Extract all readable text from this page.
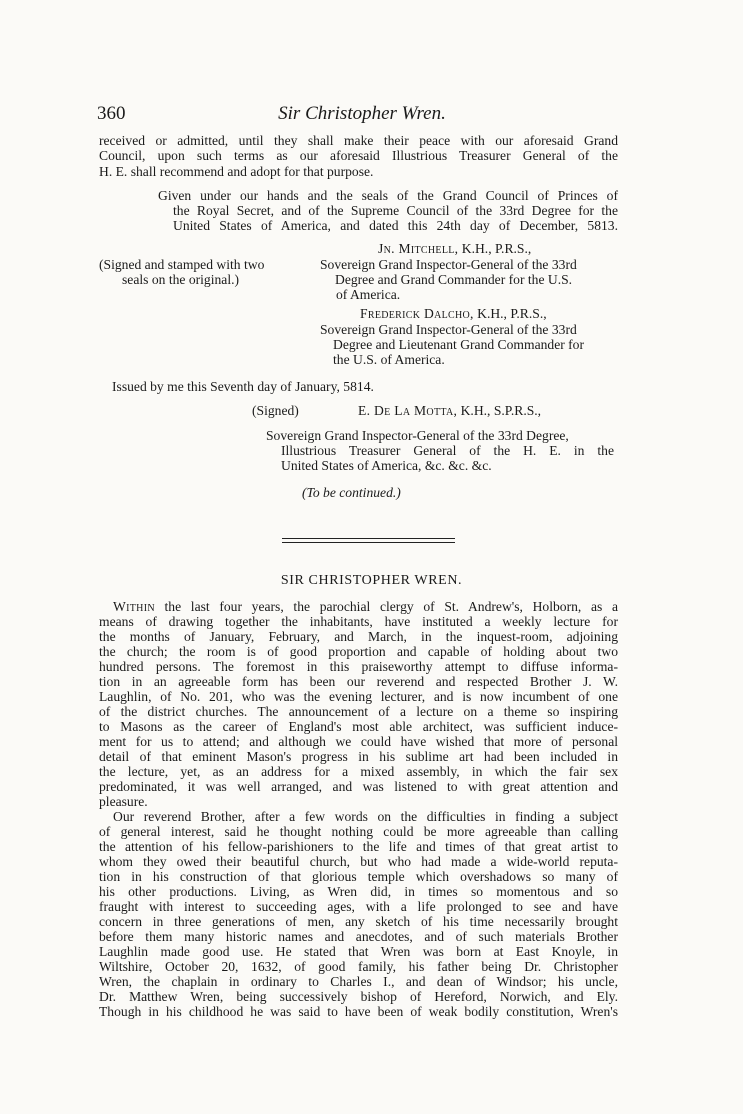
360	Sir Christopher Wren.
received or admitted, until they shall make their peace with our aforesaid Grand
Council, upon such terms as our aforesaid Illustrious Treasurer General of the
H. E. shall recommend and adopt for that purpose.
Given under our hands and the seals of the Grand Council of Princes of
the Royal Secret, and of the Supreme Council of the 33rd Degree for the
United States of America, and dated this 24th day of December, 5813.
Jn. Mitchell, K.H., P.R.S.,
(Signed and stamped with two
seals on the original.)
Sovereign Grand Inspector-General of the 33rd
Degree and Grand Commander for the U.S.
of America.
Frederick Dalcho, K.H., P.R.S.,
Sovereign Grand Inspector-General of the 33rd
Degree and Lieutenant Grand Commander for
the U.S. of America.
Issued by me this Seventh day of January, 5814.
(Signed)	E. De La Motta, K.H., S.P.R.S.,
Sovereign Grand Inspector-General of the 33rd Degree,
Illustrious Treasurer General of the H. E. in the
United States of America, &c. &c. &c.
(To be continued.)
SIR CHRISTOPHER WREN.
Within the last four years, the parochial clergy of St. Andrew's, Holborn, as a
means of drawing together the inhabitants, have instituted a weekly lecture for
the months of January, February, and March, in the inquest-room, adjoining
the church; the room is of good proportion and capable of holding about two
hundred persons. The foremost in this praiseworthy attempt to diffuse informa-
tion in an agreeable form has been our reverend and respected Brother J. W.
Laughlin, of No. 201, who was the evening lecturer, and is now incumbent of one
of the district churches. The announcement of a lecture on a theme so inspiring
to Masons as the career of England's most able architect, was sufficient induce-
ment for us to attend; and although we could have wished that more of personal
detail of that eminent Mason's progress in his sublime art had been included in
the lecture, yet, as an address for a mixed assembly, in which the fair sex
predominated, it was well arranged, and was listened to with great attention and
pleasure.
Our reverend Brother, after a few words on the difficulties in finding a subject
of general interest, said he thought nothing could be more agreeable than calling
the attention of his fellow-parishioners to the life and times of that great artist to
whom they owed their beautiful church, but who had made a wide-world reputa-
tion in his construction of that glorious temple which overshadows so many of
his other productions. Living, as Wren did, in times so momentous and so
fraught with interest to succeeding ages, with a life prolonged to see and have
concern in three generations of men, any sketch of his time necessarily brought
before them many historic names and anecdotes, and of such materials Brother
Laughlin made good use. He stated that Wren was born at East Knoyle, in
Wiltshire, October 20, 1632, of good family, his father being Dr. Christopher
Wren, the chaplain in ordinary to Charles I., and dean of Windsor; his uncle,
Dr. Matthew Wren, being successively bishop of Hereford, Norwich, and Ely.
Though in his childhood he was said to have been of weak bodily constitution, Wren's
